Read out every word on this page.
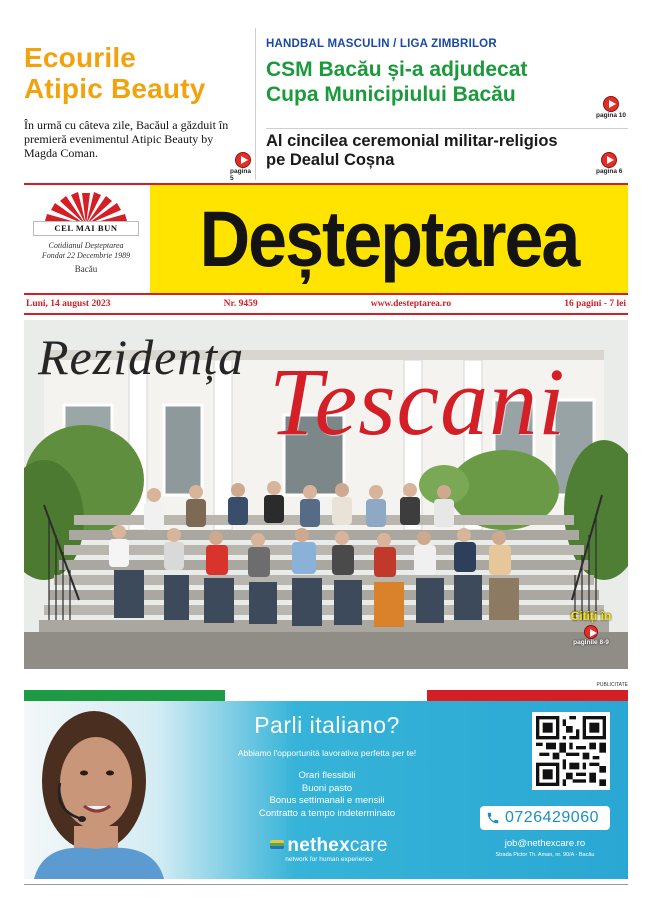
Ecourile
Atipic Beauty
În urmă cu câteva zile, Bacăul a găzduit în premieră evenimentul Atipic Beauty by Magda Coman.
pagina 5
HANDBAL MASCULIN / LIGA ZIMBRILOR
CSM Bacău și-a adjudecat
Cupa Municipiului Bacău
pagina 10
Al cincilea ceremonial militar-religios
pe Dealul Coșna
pagina 6
CEL MAI BUN
Cotidianul Deșteptarea
Fondat 22 Decembrie 1989
Bacău	Deșteptarea
Luni, 14 august 2023	Nr. 9459	www.desteptarea.ro	16 pagini - 7 lei
Rezidența Tescani
Citiți în
paginile 8-9
PUBLICITATE
Parli italiano?
Abbiamo l'opportunità lavorativa perfetta per te!
Orari flessibili
Buoni pasto
Bonus settimanali e mensili
Contratto a tempo indeterminato
nethexcare
network for human experience
0726429060
job@nethexcare.ro
Strada Pictor Th. Aman, nr. 90/A - Bacău
